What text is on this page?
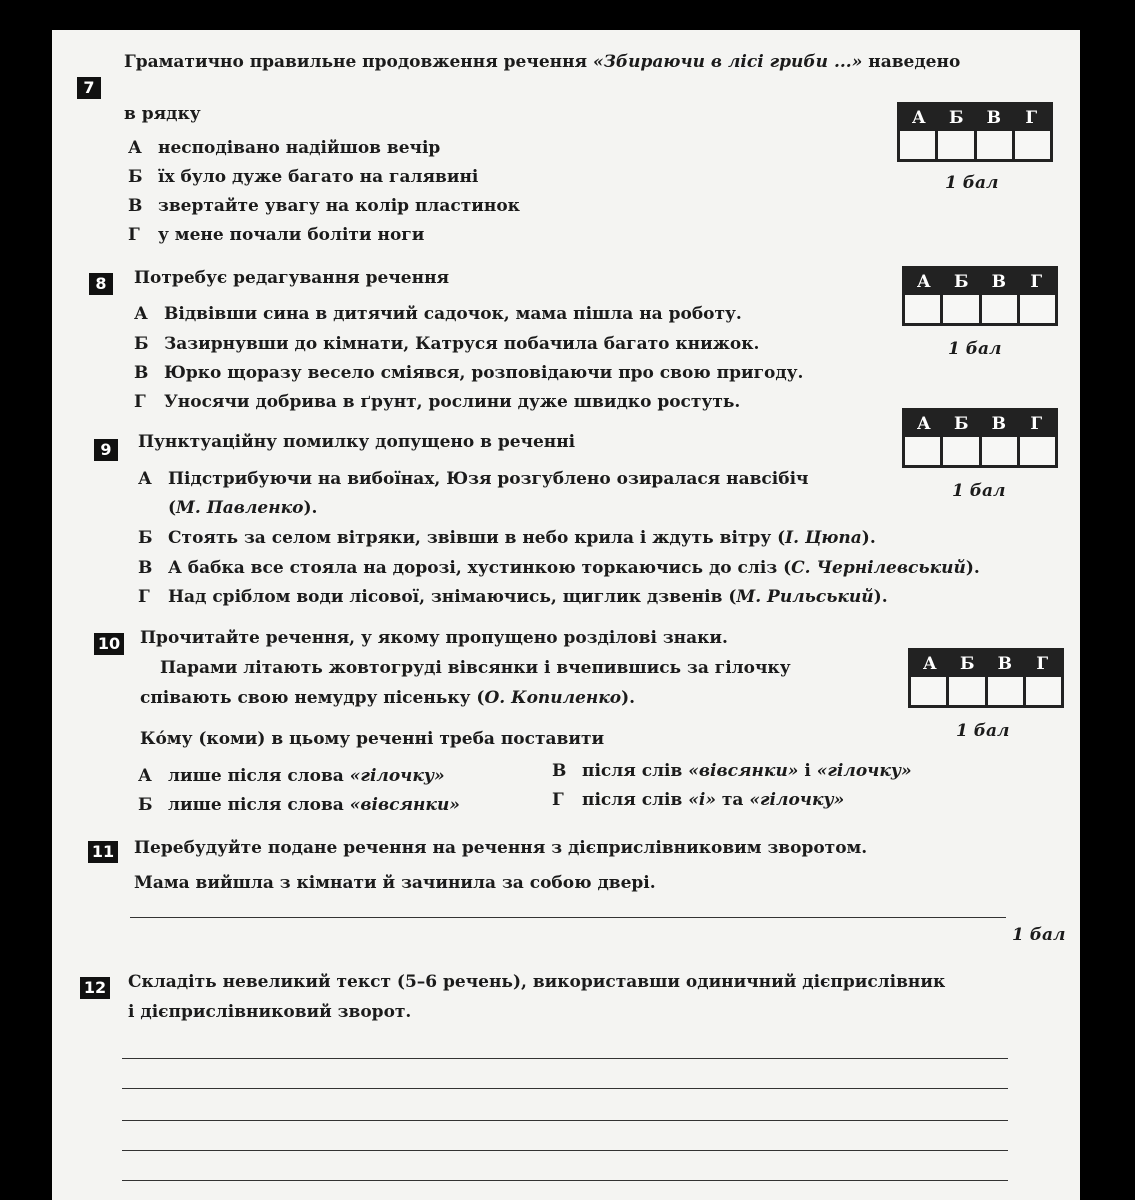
7
Граматично правильне продовження речення «Збираючи в лісі гриби ...» наведено
в рядку
А несподівано надійшов вечір
Б їх було дуже багато на галявині
В звертайте увагу на колір пластинок
Г у мене почали боліти ноги
А	Б	В	Г
1 бал
8	Потребує редагування речення
А Відвівши сина в дитячий садочок, мама пішла на роботу.
Б Зазирнувши до кімнати, Катруся побачила багато книжок.
В Юрко щоразу весело сміявся, розповідаючи про свою пригоду.
Г Уносячи добрива в ґрунт, рослини дуже швидко ростуть.
А	Б	В	Г
1 бал
9	Пунктуаційну помилку допущено в реченні
А Підстрибуючи на вибоїнах, Юзя розгублено озиралася навсібіч
(М. Павленко).
Б Стоять за селом вітряки, звівши в небо крила і ждуть вітру (І. Цюпа).
В А бабка все стояла на дорозі, хустинкою торкаючись до сліз (С. Чернілевський).
Г Над сріблом води лісової, знімаючись, щиглик дзвенів (М. Рильський).
А	Б	В	Г
1 бал
10 Прочитайте речення, у якому пропущено розділові знаки.
Парами літають жовтогруді вівсянки і вчепившись за гілочку
співають свою немудру пісеньку (О. Копиленко).
Ко́му (коми) в цьому реченні треба поставити
А лише після слова «гілочку»
Б лише після слова «вівсянки»
В після слів «вівсянки» і «гілочку»
Г після слів «і» та «гілочку»
А	Б	В	Г
1 бал
11 Перебудуйте подане речення на речення з дієприслівниковим зворотом.
Мама вийшла з кімнати й зачинила за собою двері.
1 бал
12 Складіть невеликий текст (5–6 речень), використавши одиничний дієприслівник
і дієприслівниковий зворот.
